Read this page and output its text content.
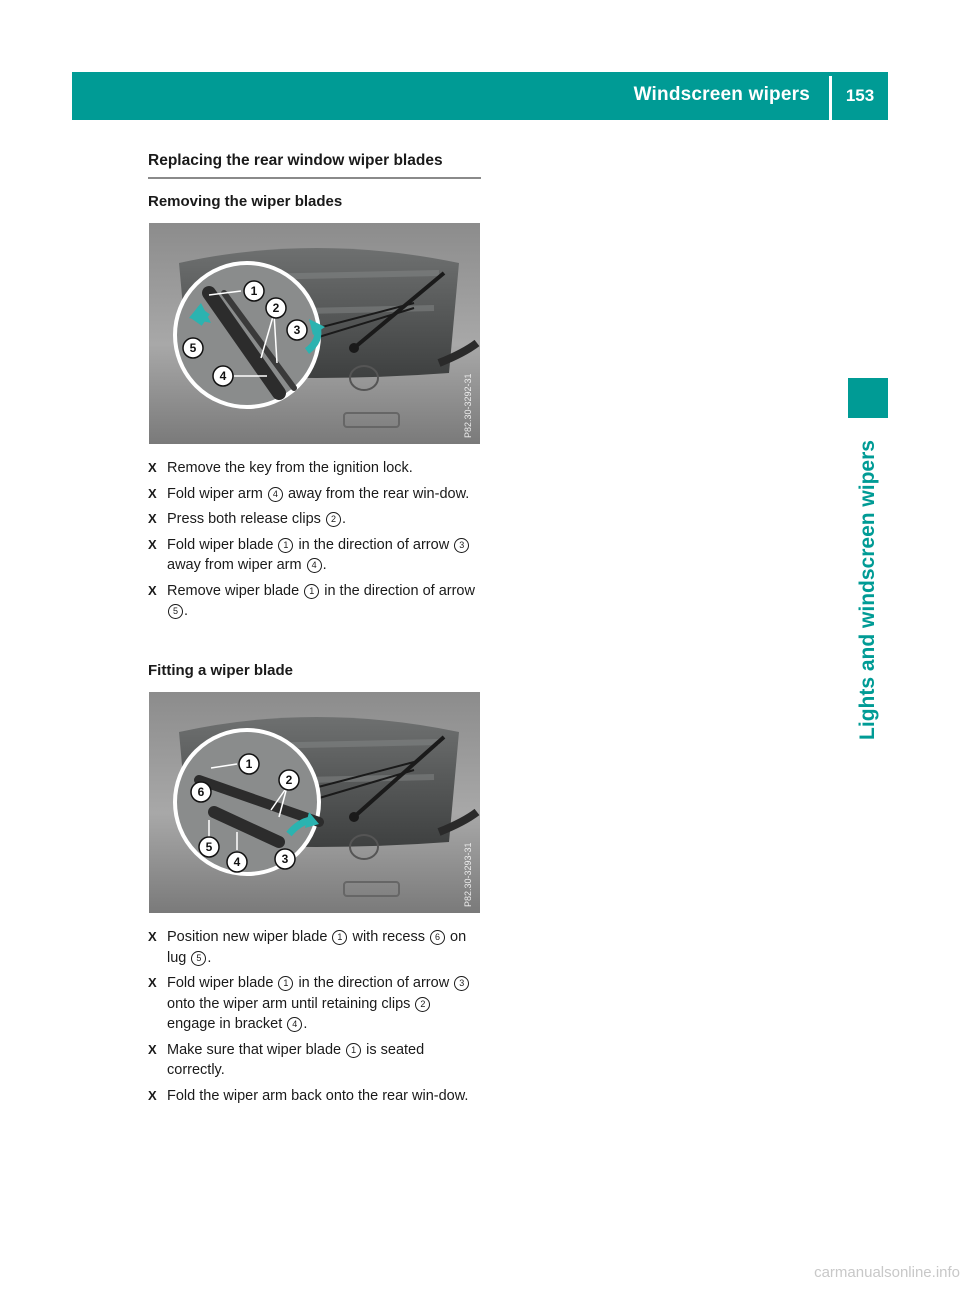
Windscreen wipers	153
Lights and windscreen wipers
Replacing the rear window wiper blades
Removing the wiper blades
1
2
3
4
5
P82.30-3292-31
X Remove the key from the ignition lock.
X Fold wiper arm 4 away from the rear win-dow.
X Press both release clips 2 .
X Fold wiper blade 1 in the direction of arrow 3 away from wiper arm 4 .
X Remove wiper blade 1 in the direction of arrow 5 .
Fitting a wiper blade
1
2
3
4
5
6
P82.30-3293-31
X Position new wiper blade 1 with recess 6 on lug 5 .
X Fold wiper blade 1 in the direction of arrow 3 onto the wiper arm until retaining clips 2 engage in bracket 4 .
X Make sure that wiper blade 1 is seated correctly.
X Fold the wiper arm back onto the rear win-dow.
carmanualsonline.info
